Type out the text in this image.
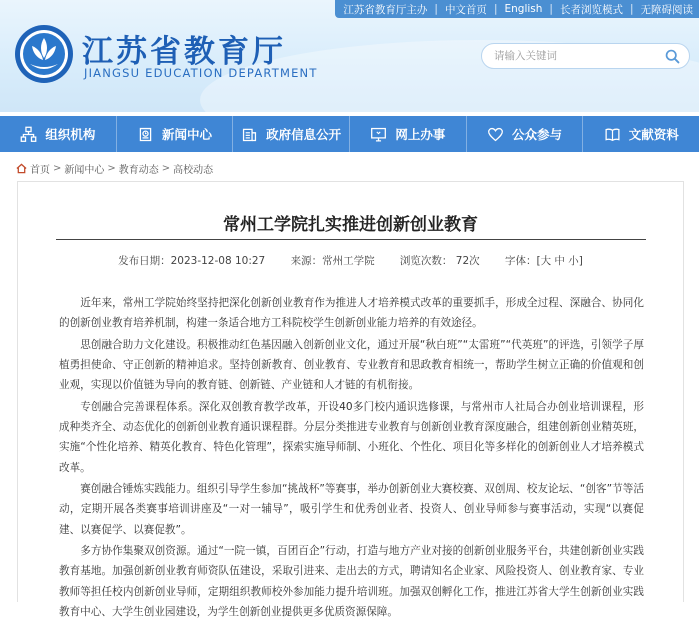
江苏省教育厅主办 | 中文首页 | English | 长者浏览模式 | 无障碍阅读
江苏省教育厅
JIANGSU EDUCATION DEPARTMENT
请输入关键词
组织机构	新闻中心	政府信息公开	网上办事	公众参与	文献资料
首页 > 新闻中心 > 教育动态 > 高校动态
常州工学院扎实推进创新创业教育
发布日期：2023-12-08 10:27 来源：常州工学院 浏览次数： 72次 字体：[大 中 小]

近年来，常州工学院始终坚持把深化创新创业教育作为推进人才培养模式改革的重要抓手，形成全过程、深融合、协同化的创新创业教育培养机制，构建一条适合地方工科院校学生创新创业能力培养的有效途径。

思创融合助力文化建设。积极推动红色基因融入创新创业文化，通过开展“秋白班”“太雷班”“代英班”的评选，引领学子厚植勇担使命、守正创新的精神追求。坚持创新教育、创业教育、专业教育和思政教育相统一，帮助学生树立正确的价值观和创业观，实现以价值链为导向的教育链、创新链、产业链和人才链的有机衔接。

专创融合完善课程体系。深化双创教育教学改革，开设40多门校内通识选修课，与常州市人社局合办创业培训课程，形成种类齐全、动态优化的创新创业教育通识课程群。分层分类推进专业教育与创新创业教育深度融合，组建创新创业精英班，实施“个性化培养、精英化教育、特色化管理”，探索实施导师制、小班化、个性化、项目化等多样化的创新创业人才培养模式改革。

赛创融合锤炼实践能力。组织引导学生参加“挑战杯”等赛事，举办创新创业大赛校赛、双创周、校友论坛、“创客”节等活动，定期开展各类赛事培训讲座及“一对一辅导”，吸引学生和优秀创业者、投资人、创业导师参与赛事活动，实现“以赛促建、以赛促学、以赛促教”。

多方协作集聚双创资源。通过“一院一镇，百团百企”行动，打造与地方产业对接的创新创业服务平台，共建创新创业实践教育基地。加强创新创业教育师资队伍建设，采取引进来、走出去的方式，聘请知名企业家、风险投资人、创业教育家、专业教师等担任校内创新创业导师，定期组织教师校外参加能力提升培训班。加强双创孵化工作，推进江苏省大学生创新创业实践教育中心、大学生创业园建设，为学生创新创业提供更多优质资源保障。
